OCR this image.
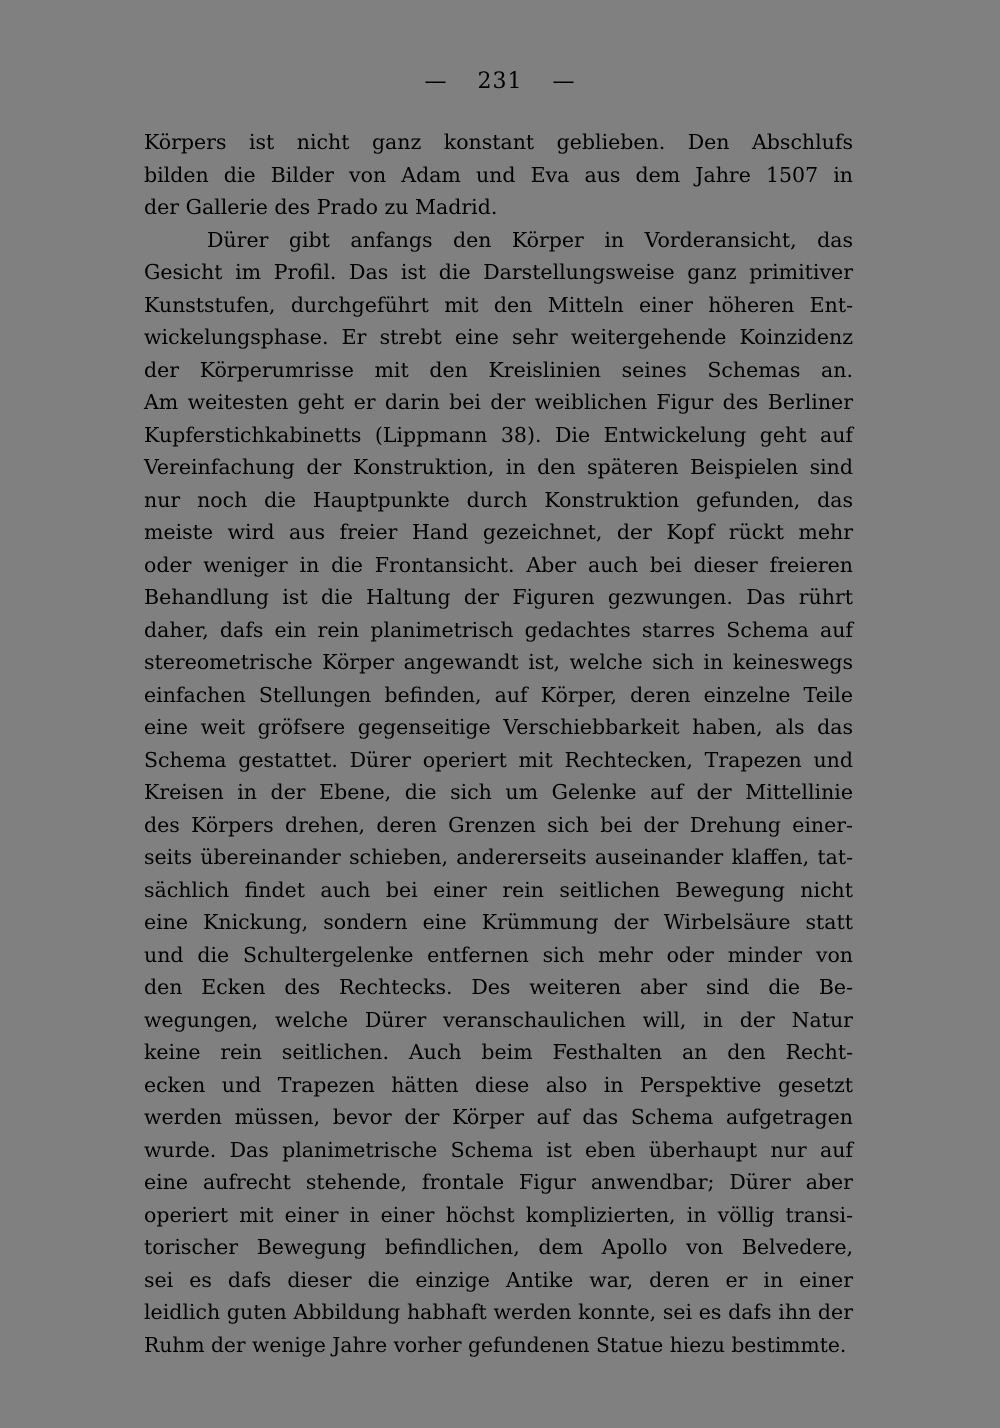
— 231 —
Körpers ist nicht ganz konstant geblieben. Den Abschlufs
bilden die Bilder von Adam und Eva aus dem Jahre 1507 in
der Gallerie des Prado zu Madrid.
Dürer gibt anfangs den Körper in Vorderansicht, das
Gesicht im Profil. Das ist die Darstellungsweise ganz primitiver
Kunststufen, durchgeführt mit den Mitteln einer höheren Ent-
wickelungsphase. Er strebt eine sehr weitergehende Koinzidenz
der Körperumrisse mit den Kreislinien seines Schemas an.
Am weitesten geht er darin bei der weiblichen Figur des Berliner
Kupferstichkabinetts (Lippmann 38). Die Entwickelung geht auf
Vereinfachung der Konstruktion, in den späteren Beispielen sind
nur noch die Hauptpunkte durch Konstruktion gefunden, das
meiste wird aus freier Hand gezeichnet, der Kopf rückt mehr
oder weniger in die Frontansicht. Aber auch bei dieser freieren
Behandlung ist die Haltung der Figuren gezwungen. Das rührt
daher, dafs ein rein planimetrisch gedachtes starres Schema auf
stereometrische Körper angewandt ist, welche sich in keineswegs
einfachen Stellungen befinden, auf Körper, deren einzelne Teile
eine weit gröfsere gegenseitige Verschiebbarkeit haben, als das
Schema gestattet. Dürer operiert mit Rechtecken, Trapezen und
Kreisen in der Ebene, die sich um Gelenke auf der Mittellinie
des Körpers drehen, deren Grenzen sich bei der Drehung einer-
seits übereinander schieben, andererseits auseinander klaffen, tat-
sächlich findet auch bei einer rein seitlichen Bewegung nicht
eine Knickung, sondern eine Krümmung der Wirbelsäure statt
und die Schultergelenke entfernen sich mehr oder minder von
den Ecken des Rechtecks. Des weiteren aber sind die Be-
wegungen, welche Dürer veranschaulichen will, in der Natur
keine rein seitlichen. Auch beim Festhalten an den Recht-
ecken und Trapezen hätten diese also in Perspektive gesetzt
werden müssen, bevor der Körper auf das Schema aufgetragen
wurde. Das planimetrische Schema ist eben überhaupt nur auf
eine aufrecht stehende, frontale Figur anwendbar; Dürer aber
operiert mit einer in einer höchst komplizierten, in völlig transi-
torischer Bewegung befindlichen, dem Apollo von Belvedere,
sei es dafs dieser die einzige Antike war, deren er in einer
leidlich guten Abbildung habhaft werden konnte, sei es dafs ihn der
Ruhm der wenige Jahre vorher gefundenen Statue hiezu bestimmte.
